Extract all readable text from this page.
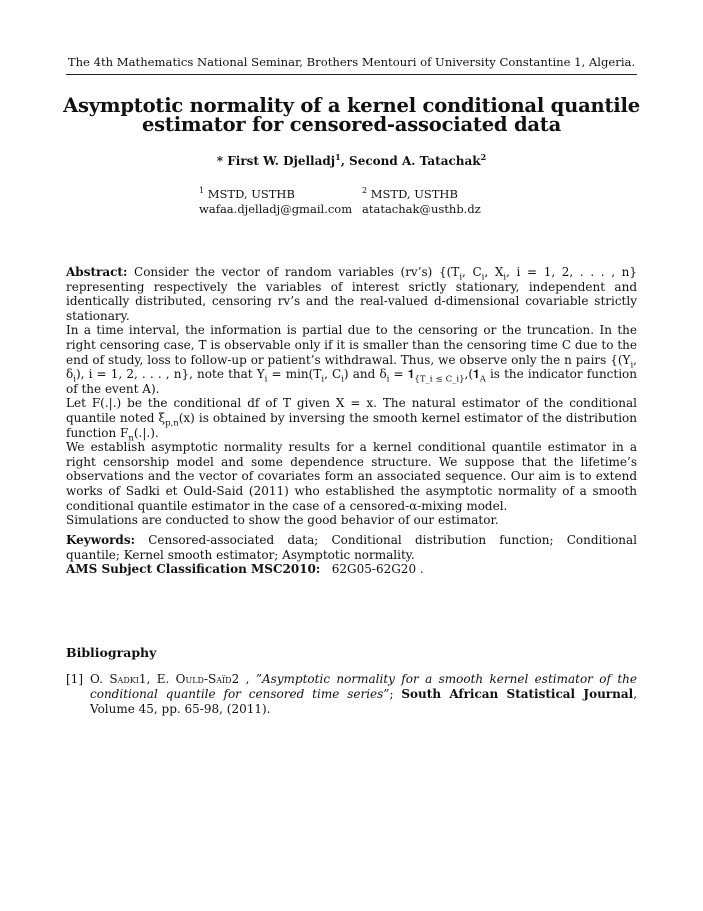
The 4th Mathematics National Seminar, Brothers Mentouri of University Constantine 1, Algeria.
Asymptotic normality of a kernel conditional quantile
estimator for censored-associated data
* First W. Djelladj$^1$, Second A. Tatachak$^2$
$^1$ MSTD, USTHB
wafaa.djelladj@gmail.com
$^2$ MSTD, USTHB
atatachak@usthb.dz

Abstract: Consider the vector of random variables (rv’s) {($T_i$, $C_i$, $X_i$, i = 1, 2, . . . , n} representing respectively the variables of interest srictly stationary, independent and identically distributed, censoring rv’s and the real-valued d-dimensional covariable strictly stationary.

In a time interval, the information is partial due to the censoring or the truncation. In the right censoring case, T is observable only if it is smaller than the censoring time C due to the end of study, loss to follow-up or patient’s withdrawal. Thus, we observe only the n pairs {($Y_i$, $\delta_i$), i = 1, 2, . . . , n}, note that $Y_i = \min(T_i$, $C_i$) and $\delta_i$ = $𝟏_{\{T\_i \le C\_i\}},(𝟏_A$ is the indicator function of the event A).

Let F(.|.) be the conditional df of T given X = x. The natural estimator of the conditional quantile noted $\xi_{p,n}(x)$ is obtained by inversing the smooth kernel estimator of the distribution function $F_n(.|.)$.

We establish asymptotic normality results for a kernel conditional quantile estimator in a right censorship model and some dependence structure. We suppose that the lifetime’s observations and the vector of covariates form an associated sequence. Our aim is to extend works of Sadki et Ould-Said (2011) who established the asymptotic normality of a smooth conditional quantile estimator in the case of a censored-α-mixing model.

Simulations are conducted to show the good behavior of our estimator.

Keywords: Censored-associated data; Conditional distribution function; Conditional quantile; Kernel smooth estimator; Asymptotic normality.

AMS Subject Classification MSC2010:   62G05-62G20 .

Bibliography
[1] O. Sadki1, E. Ould-Saïd2 , ”Asymptotic normality for a smooth kernel estimator of the conditional quantile for censored time series”; South African Statistical Journal, Volume 45, pp. 65-98, (2011).
